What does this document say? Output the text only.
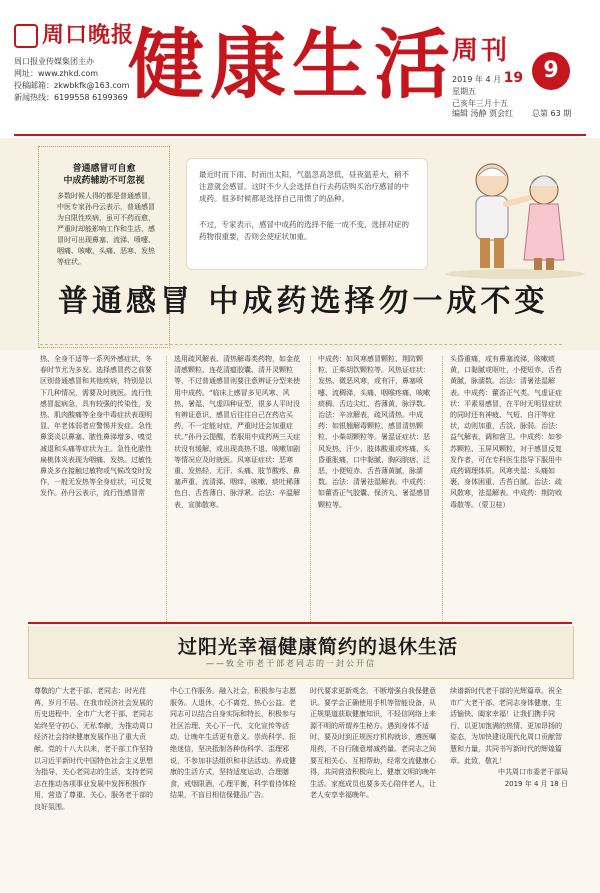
周口晚报
周口报业传媒集团主办
网址：www.zhkd.com
投稿邮箱：zkwbkfk@163.com
新闻热线：6199558 6199369 健康生活
周刊
2019 年 4 月 19
星期五
己亥年三月十五
9
编辑 汤静 贾会红 总第 63 期
普通感冒可自愈
中成药辅助不可忽视
多数时候人得的都是普通感冒，中医专家孙丹云表示，普通感冒为自限性疾病，虽可不药而愈，严重时却能影响工作和生活，感冒时可出现鼻塞、流涕、喷嚏、咽痛、咳嗽、头痛、恶寒、发热等症状。

最近时而下雨、时而出太阳，气温忽高忽低，昼夜温差大，稍不注意就会感冒。这时不少人会选择自行去药店购买治疗感冒的中成药。很多时候都是选择自己用惯了的品种。

不过，专家表示，感冒中成药的选择不能一成不变，选择对症的药物很重要，否则会使症状加重。

普通感冒 中成药选择勿一成不变

热、全身不适等一系列外感症状，冬春时节尤为多发。选择感冒药之前要区别普通感冒和其他疾病，特别是以下几种情况，需要及时就医。流行性感冒起病急，具有较强的传染性，发热、肌肉酸痛等全身中毒症状表现明显，年老体弱者应警惕并发症。急性鼻窦炎以鼻塞、脓性鼻涕增多、嗅觉减退和头痛等症状为主。急性化脓性扁桃体炎表现为咽痛、发热。过敏性鼻炎多在接触过敏物或气候改变时发作，一般无发热等全身症状，可反复发作。孙丹云表示，流行性感冒常

选用疏风解表、清热解毒类药物，如金花清感颗粒、连花清瘟胶囊、清开灵颗粒等，不过普通感冒则要注意辨证分型来使用中成药。“临床上感冒多见风寒、风热、暑湿、气虚四种证型，很多人平时没有辨证意识，感冒后往往自己在药店买药，不一定能对症，严重时还会加重症状。”孙丹云提醒，若服用中成药两三天症状没有缓解，或出现高热不退、咳嗽加剧等情况应及时就医。风寒证症状：恶寒重、发热轻、无汗、头痛、肢节酸疼、鼻塞声重、流清涕、咽痒、咳嗽、痰吐稀薄色白、舌苔薄白、脉浮紧。治法：辛温解表，宣肺散寒。

中成药：如风寒感冒颗粒、荆防颗粒、正柴胡饮颗粒等。风热证症状：发热、微恶风寒，或有汗，鼻塞喷嚏、流稠涕，头痛、咽喉疼痛、咳嗽痰稠、舌边尖红、苔薄黄，脉浮数。治法：辛凉解表，疏风清热。中成药：如银翘解毒颗粒、感冒清热颗粒、小柴胡颗粒等。暑湿证症状：恶风发热，汗少、肢体酸重或疼痛、头昏重胀痛，口中黏腻、胸闷脘痞、泛恶，小便短赤、舌苔薄黄腻，脉濡数。治法：清暑祛湿解表。中成药：如藿香正气胶囊、保济丸、暑湿感冒颗粒等。

头昏重痛，或有鼻塞流涕，咳嗽痰黄，口黏腻或呕吐，小便短赤，舌苔黄腻，脉濡数。治法：清暑祛湿解表。中成药：藿香正气类。气虚证症状：平素易感冒，在平时无明显症状的同时还有神疲、气短、自汗等症状，动则加重，舌淡、脉弱。治法：益气解表，调和营卫。中成药：如参苏颗粒、玉屏风颗粒，对于感冒反复发作者，可在专科医生指导下服用中成药调理体质。风寒夹湿：头痛如裹、身体困重、舌苔白腻。治法：疏风散寒，祛湿解表。中成药：荆防败毒散等。（蒙卫桂）

过阳光幸福健康简约的退休生活
——致全市老干部老同志的一封公开信

尊敬的广大老干部、老同志：时光荏苒，岁月不居。在我市经济社会发展的历史进程中，全市广大老干部、老同志始终坚守初心、无私奉献，为推动周口经济社会持续健康发展作出了重大贡献。党的十八大以来，老干部工作坚持以习近平新时代中国特色社会主义思想为指导，关心老同志的生活，支持老同志在推动各项事业发展中发挥积极作用，营造了尊重、关心、服务老干部的良好氛围。

中心工作服务。融入社会，积极参与志愿服务。人退休，心不离党，热心公益。老同志可以结合自身实际和特长，积极参与社区治理、关心下一代、文化宣传等活动，让晚年生活更有意义。崇尚科学、拒绝迷信，坚决抵制各种伪科学、歪理邪说，不参加非法组织和非法活动。养成健康的生活方式，坚持适度运动，合理膳食，戒烟限酒，心理平衡，科学看待体检结果，不盲目相信保健品广告。

时代要求更新观念，不断增强自我保健意识。要学会正确使用手机等智能设备，从正规渠道获取健康知识，不轻信网络上来源不明的所谓养生秘方。遇到身体不适时，要及时到正规医疗机构就诊，遵医嘱用药，不自行随意增减药量。老同志之间要互相关心、互相帮助，经常交流健康心得，共同营造积极向上、健康文明的晚年生活。家庭成员也要多关心陪伴老人，让老人安享幸福晚年。

续谱新时代老干部的光辉篇章。祝全市广大老干部、老同志身体健康、生活愉快、阖家幸福！让我们携手同行，以更加饱满的热情、更加昂扬的姿态，为加快建设现代化周口贡献智慧和力量，共同书写新时代的辉煌篇章。此致，敬礼！

中共周口市委老干部局

2019 年 4 月 18 日
